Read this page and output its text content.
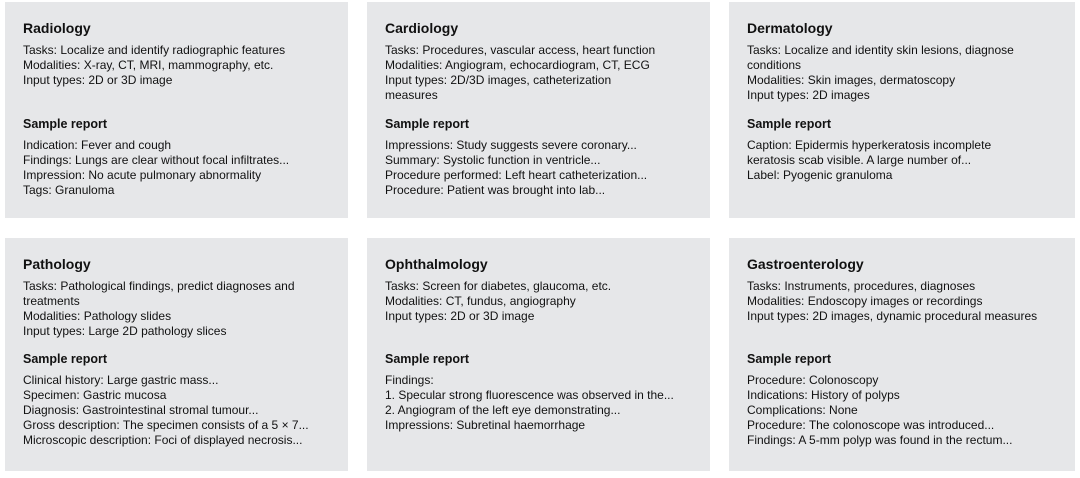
Radiology

Tasks: Localize and identify radiographic features

Modalities: X-ray, CT, MRI, mammography, etc.

Input types: 2D or 3D image

Sample report

Indication: Fever and cough

Findings: Lungs are clear without focal infiltrates...

Impression: No acute pulmonary abnormality

Tags: Granuloma

Cardiology

Tasks: Procedures, vascular access, heart function

Modalities: Angiogram, echocardiogram, CT, ECG

Input types: 2D/3D images, catheterization

measures

Sample report

Impressions: Study suggests severe coronary...

Summary: Systolic function in ventricle...

Procedure performed: Left heart catheterization...

Procedure: Patient was brought into lab...

Dermatology

Tasks: Localize and identity skin lesions, diagnose

conditions

Modalities: Skin images, dermatoscopy

Input types: 2D images

Sample report

Caption: Epidermis hyperkeratosis incomplete

keratosis scab visible. A large number of...

Label: Pyogenic granuloma

Pathology

Tasks: Pathological findings, predict diagnoses and

treatments

Modalities: Pathology slides

Input types: Large 2D pathology slices

Sample report

Clinical history: Large gastric mass...

Specimen: Gastric mucosa

Diagnosis: Gastrointestinal stromal tumour...

Gross description: The specimen consists of a 5 × 7...

Microscopic description: Foci of displayed necrosis...

Ophthalmology

Tasks: Screen for diabetes, glaucoma, etc.

Modalities: CT, fundus, angiography

Input types: 2D or 3D image

Sample report

Findings:

1. Specular strong fluorescence was observed in the...

2. Angiogram of the left eye demonstrating...

Impressions: Subretinal haemorrhage

Gastroenterology

Tasks: Instruments, procedures, diagnoses

Modalities: Endoscopy images or recordings

Input types: 2D images, dynamic procedural measures

Sample report

Procedure: Colonoscopy

Indications: History of polyps

Complications: None

Procedure: The colonoscope was introduced...

Findings: A 5-mm polyp was found in the rectum...
